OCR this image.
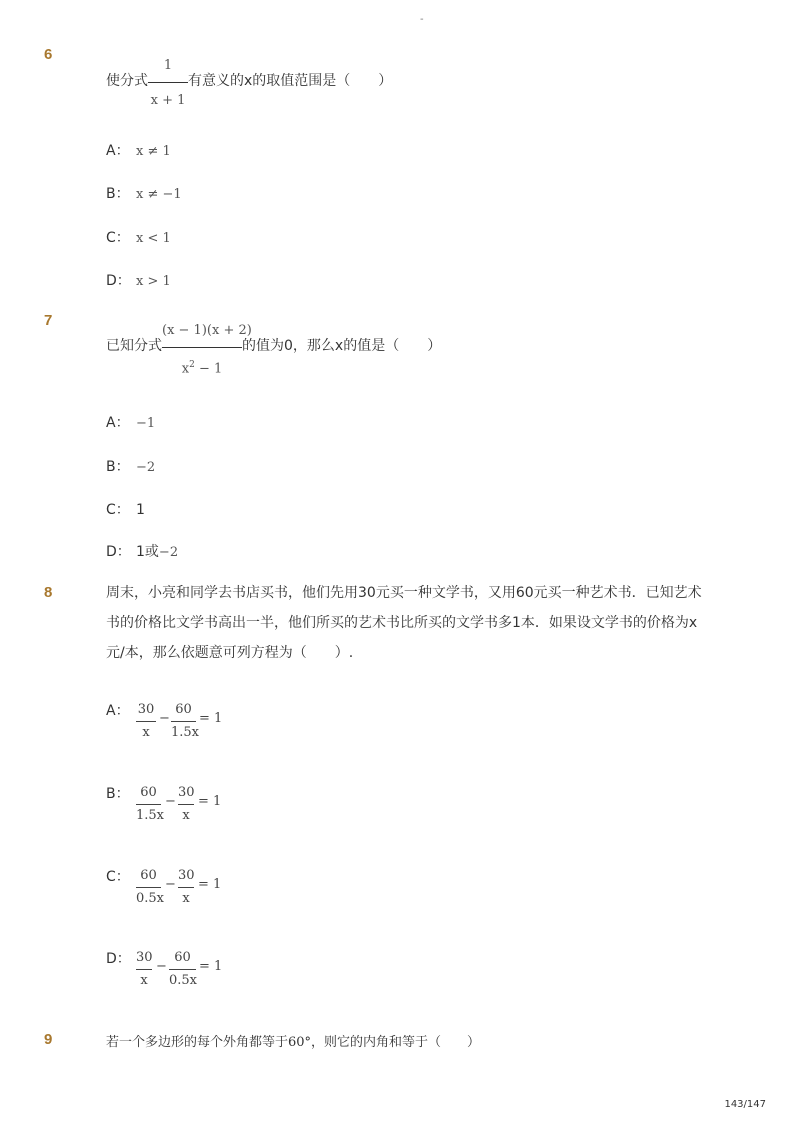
-
6
使分式 $\frac{1}{x + 1}$ 有意义的x的取值范围是（　　）
A： x ≠ 1
B： x ≠ −1
C： x < 1
D： x > 1
7
已知分式 $\frac{(x - 1)(x + 2)}{x^2 - 1}$ 的值为0，那么x的值是（　　）
A： −1
B： −2
C： 1
D： 1或−2
8	周末，小亮和同学去书店买书，他们先用30元买一种文学书，又用60元买一种艺术书．已知艺术
书的价格比文学书高出一半，他们所买的艺术书比所买的文学书多1本．如果设文学书的价格为x
元/本，那么依题意可列方程为（　　）.
A： 30
x
−
60
1.5x
= 1
B： 60
1.5x
−
30
x
= 1
C： 60
0.5x
−
30
x
= 1
D： 30
x
−
60
0.5x
= 1
9	若一个多边形的每个外角都等于60°，则它的内角和等于（　　）
143/147
